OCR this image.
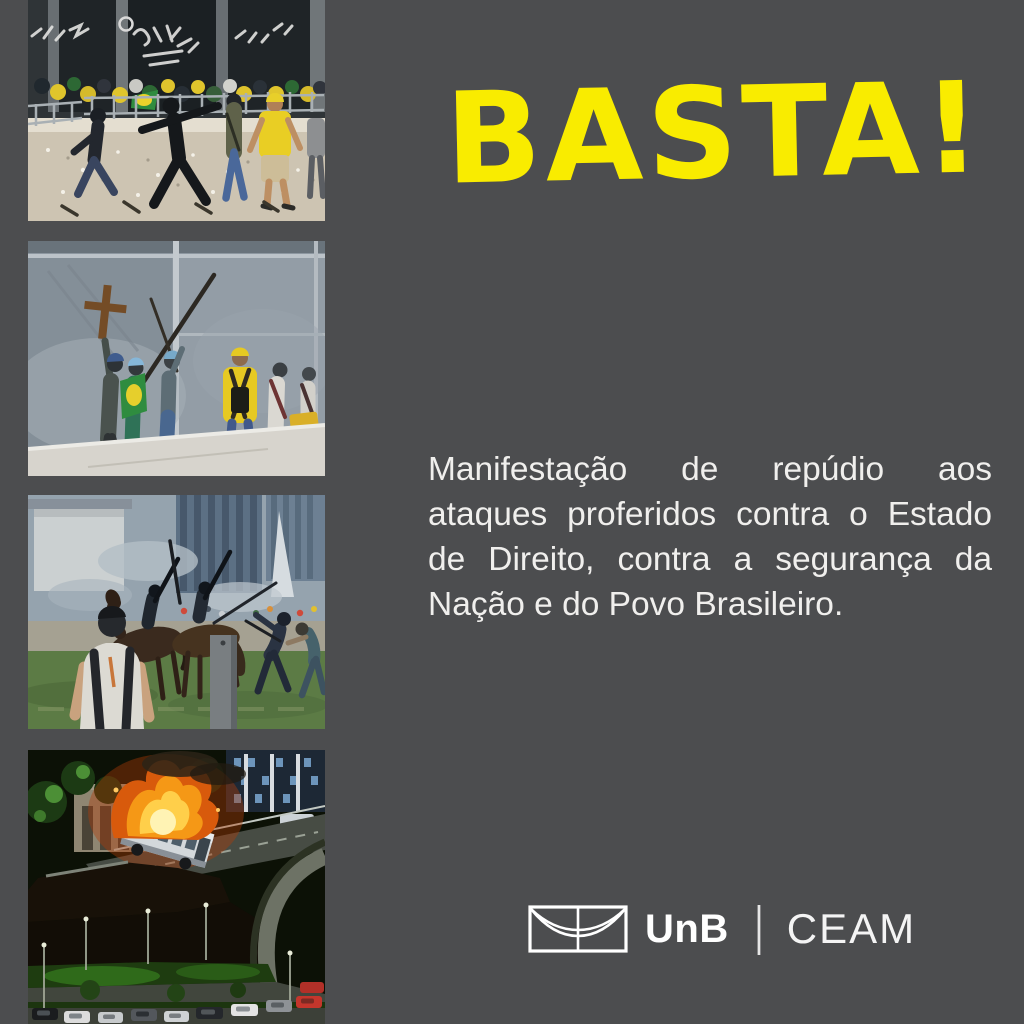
BASTA!
Manifestação de repúdio aos
ataques proferidos contra o Estado
de Direito, contra a segurança da
Nação e do Povo Brasileiro.
UnB | CEAM
